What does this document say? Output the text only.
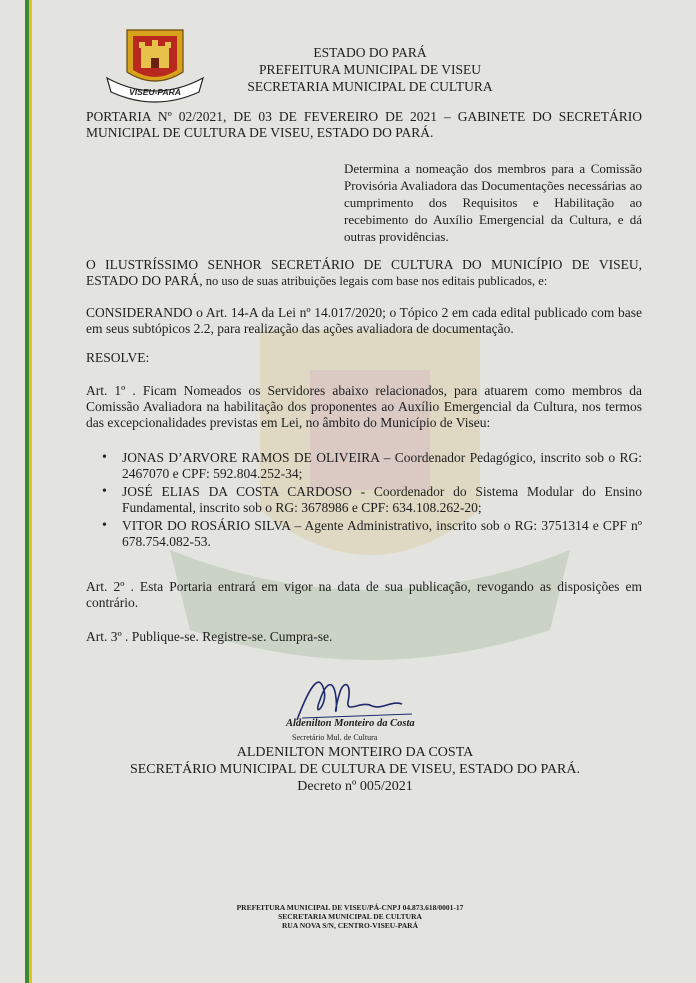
VISEU-PARÁ
ESTADO DO PARÁ
PREFEITURA MUNICIPAL DE VISEU
SECRETARIA MUNICIPAL DE CULTURA
PORTARIA Nº 02/2021, DE 03 DE FEVEREIRO DE 2021 – GABINETE DO SECRETÁRIO MUNICIPAL DE CULTURA DE VISEU, ESTADO DO PARÁ.
Determina a nomeação dos membros para a Comissão Provisória Avaliadora das Documentações necessárias ao cumprimento dos Requisitos e Habilitação ao recebimento do Auxílio Emergencial da Cultura, e dá outras providências.
O ILUSTRÍSSIMO SENHOR SECRETÁRIO DE CULTURA DO MUNICÍPIO DE VISEU, ESTADO DO PARÁ, no uso de suas atribuições legais com base nos editais publicados, e:
CONSIDERANDO o Art. 14-A da Lei nº 14.017/2020; o Tópico 2 em cada edital publicado com base em seus subtópicos 2.2, para realização das ações avaliadora de documentação.
RESOLVE:
Art. 1º . Ficam Nomeados os Servidores abaixo relacionados, para atuarem como membros da Comissão Avaliadora na habilitação dos proponentes ao Auxílio Emergencial da Cultura, nos termos das excepcionalidades previstas em Lei, no âmbito do Município de Viseu:
• JONAS D’ARVORE RAMOS DE OLIVEIRA – Coordenador Pedagógico, inscrito sob o RG: 2467070 e CPF: 592.804.252-34;
• JOSÉ ELIAS DA COSTA CARDOSO - Coordenador do Sistema Modular do Ensino Fundamental, inscrito sob o RG: 3678986 e CPF: 634.108.262-20;
• VITOR DO ROSÁRIO SILVA – Agente Administrativo, inscrito sob o RG: 3751314 e CPF nº 678.754.082-53.
Art. 2º . Esta Portaria entrará em vigor na data de sua publicação, revogando as disposições em contrário.
Art. 3º . Publique-se. Registre-se. Cumpra-se.
Aldenilton Monteiro da Costa
Secretário Mul. de Cultura
ALDENILTON MONTEIRO DA COSTA
SECRETÁRIO MUNICIPAL DE CULTURA DE VISEU, ESTADO DO PARÁ.
Decreto nº 005/2021
PREFEITURA MUNICIPAL DE VISEU/PÁ-CNPJ 04.873.618/0001-17
SECRETARIA MUNICIPAL DE CULTURA
RUA NOVA S/N, CENTRO-VISEU-PARÁ
